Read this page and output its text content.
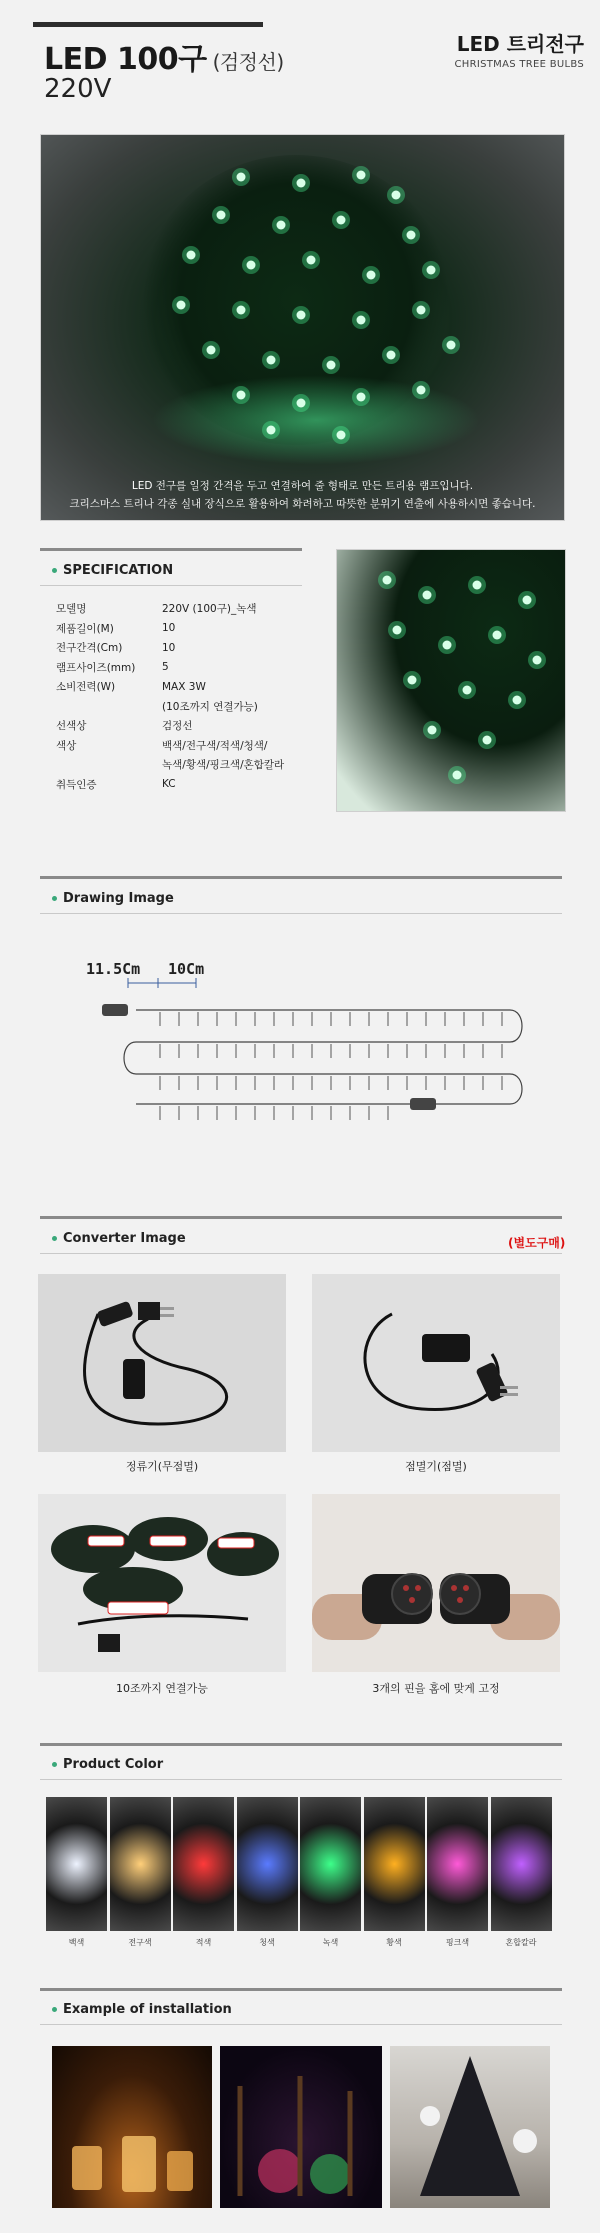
LED 100구 (검정선)
220V
LED 트리전구
CHRISTMAS TREE BULBS
LED 전구를 일정 간격을 두고 연결하여 줄 형태로 만든 트리용 램프입니다.
크리스마스 트리나 각종 실내 장식으로 활용하여 화려하고 따뜻한 분위기 연출에 사용하시면 좋습니다.
SPECIFICATION
모델명	220V (100구)_녹색
제품길이(M)	10
전구간격(Cm)	10
램프사이즈(mm)	5
소비전력(W)	MAX 3W
(10조까지 연결가능)
선색상	검정선
색상	백색/전구색/적색/청색/
녹색/황색/핑크색/혼합칼라
취득인증	KC
Drawing Image
11.5Cm 10Cm
Converter Image	(별도구매)
정류기(무점멸)	점멸기(점멸)
10조까지 연결가능	3개의 핀을 홈에 맞게 고정
Product Color
백색	전구색	적색	청색	녹색	황색	핑크색	혼합칼라
Example of installation
